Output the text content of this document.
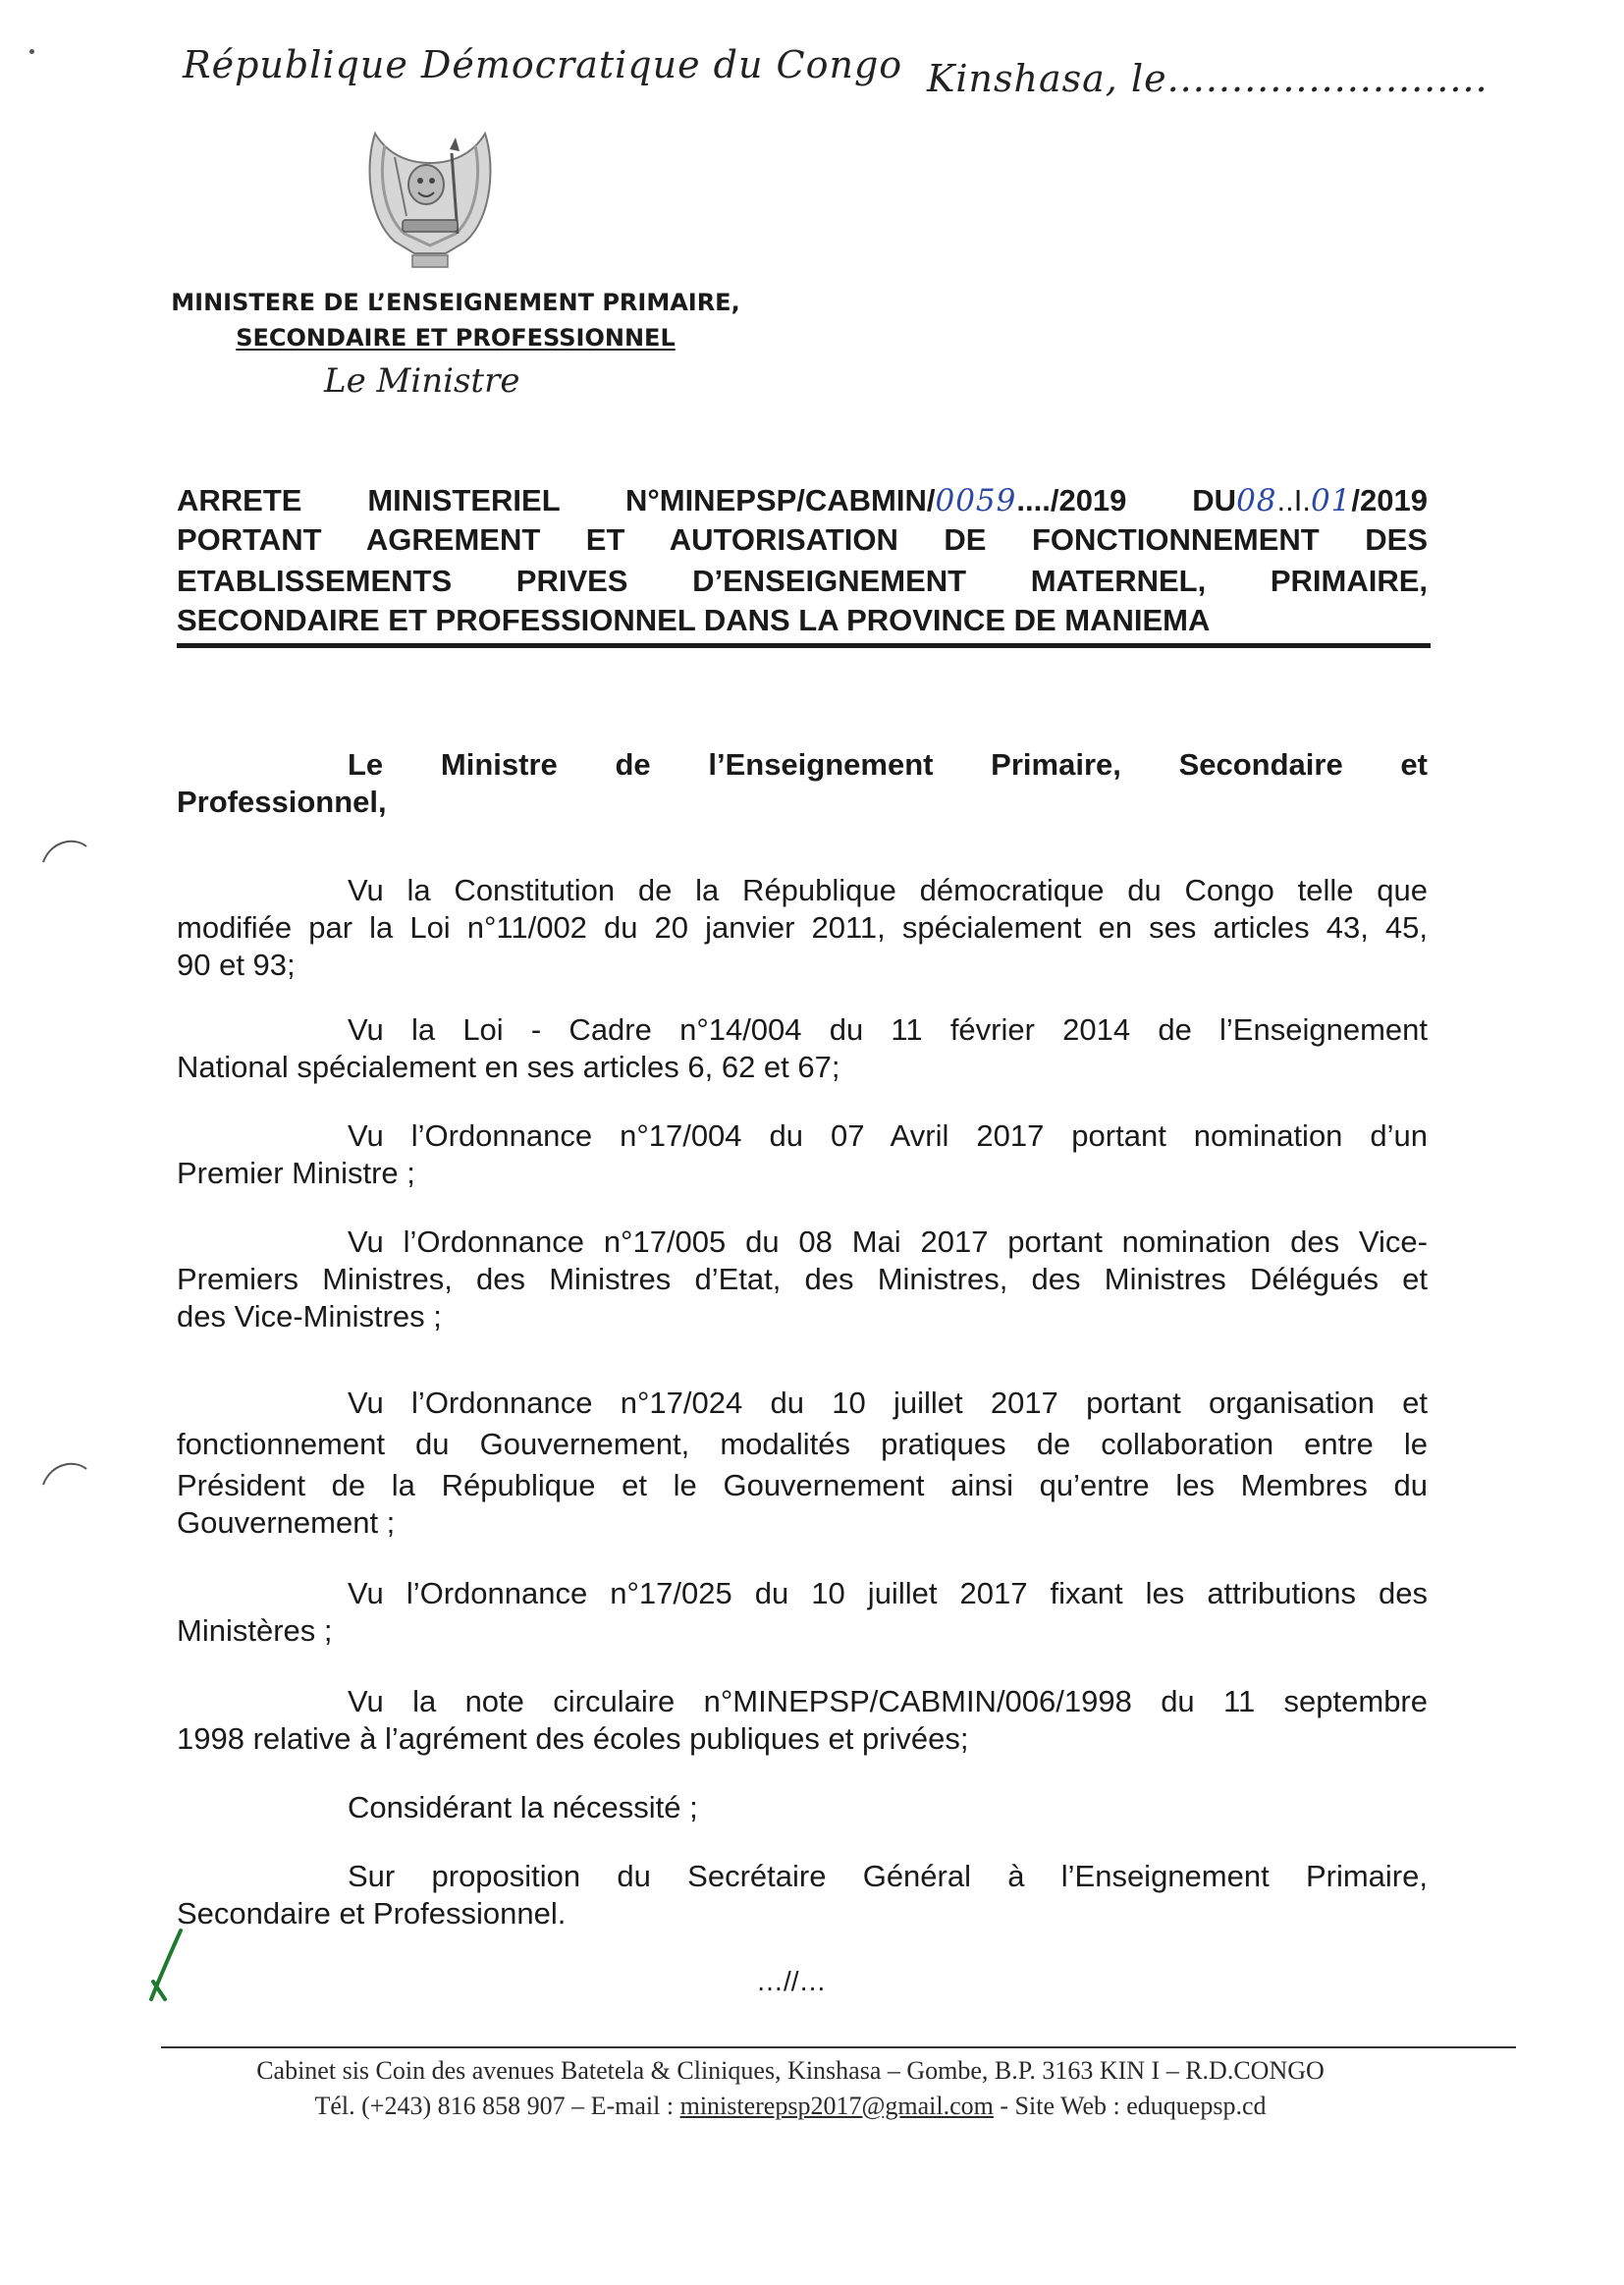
République Démocratique du Congo Kinshasa, le.........................
MINISTERE DE L’ENSEIGNEMENT PRIMAIRE,
SECONDAIRE ET PROFESSIONNEL
Le Ministre
ARRETE MINISTERIEL N°MINEPSP/CABMIN/0059..../2019 DU08..I.01/2019
PORTANT AGREMENT ET AUTORISATION DE FONCTIONNEMENT DES
ETABLISSEMENTS PRIVES D’ENSEIGNEMENT MATERNEL, PRIMAIRE,
SECONDAIRE ET PROFESSIONNEL DANS LA PROVINCE DE MANIEMA
Le Ministre de l’Enseignement Primaire, Secondaire et
Professionnel,
Vu la Constitution de la République démocratique du Congo telle que
modifiée par la Loi n°11/002 du 20 janvier 2011, spécialement en ses articles 43, 45,
90 et 93;
Vu la Loi - Cadre n°14/004 du 11 février 2014 de l’Enseignement
National spécialement en ses articles 6, 62 et 67;
Vu l’Ordonnance n°17/004 du 07 Avril 2017 portant nomination d’un
Premier Ministre ;
Vu l’Ordonnance n°17/005 du 08 Mai 2017 portant nomination des Vice-
Premiers Ministres, des Ministres d’Etat, des Ministres, des Ministres Délégués et
des Vice-Ministres ;
Vu l’Ordonnance n°17/024 du 10 juillet 2017 portant organisation et
fonctionnement du Gouvernement, modalités pratiques de collaboration entre le
Président de la République et le Gouvernement ainsi qu’entre les Membres du
Gouvernement ;
Vu l’Ordonnance n°17/025 du 10 juillet 2017 fixant les attributions des
Ministères ;
Vu la note circulaire n°MINEPSP/CABMIN/006/1998 du 11 septembre
1998 relative à l’agrément des écoles publiques et privées;
Considérant la nécessité ;
Sur proposition du Secrétaire Général à l’Enseignement Primaire,
Secondaire et Professionnel.
…//…
Cabinet sis Coin des avenues Batetela & Cliniques, Kinshasa – Gombe, B.P. 3163 KIN I – R.D.CONGO
Tél. (+243) 816 858 907 – E-mail : ministerepsp2017@gmail.com - Site Web : eduquepsp.cd
